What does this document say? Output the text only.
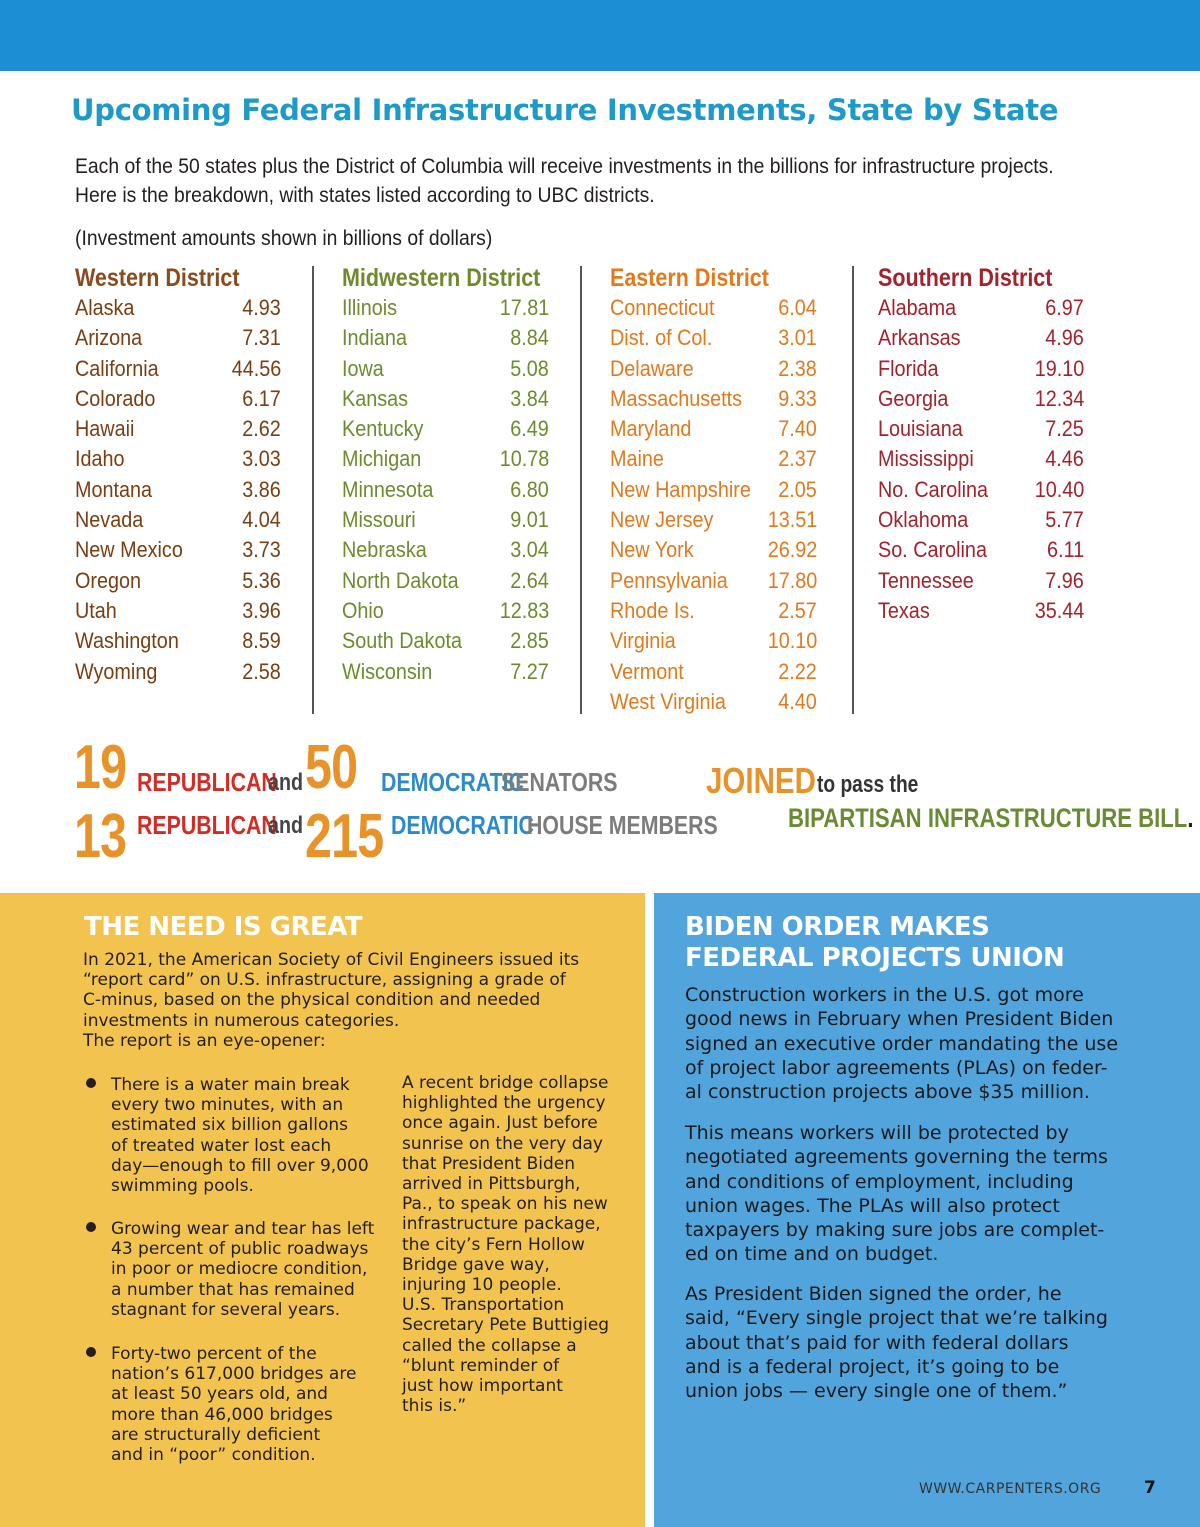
Upcoming Federal Infrastructure Investments, State by State
Each of the 50 states plus the District of Columbia will receive investments in the billions for infrastructure projects.
Here is the breakdown, with states listed according to UBC districts.
(Investment amounts shown in billions of dollars)
Western District
Alaska	4.93
Arizona	7.31
California	44.56
Colorado	6.17
Hawaii	2.62
Idaho	3.03
Montana	3.86
Nevada	4.04
New Mexico	3.73
Oregon	5.36
Utah	3.96
Washington	8.59
Wyoming	2.58
Midwestern District
Illinois	17.81
Indiana	8.84
Iowa	5.08
Kansas	3.84
Kentucky	6.49
Michigan	10.78
Minnesota	6.80
Missouri	9.01
Nebraska	3.04
North Dakota 2.64
Ohio	12.83
South Dakota 2.85
Wisconsin	7.27
Eastern District
Connecticut	6.04
Dist. of Col.	3.01
Delaware	2.38
Massachusetts 9.33
Maryland	7.40
Maine	2.37
New Hampshire 2.05
New Jersey 13.51
New York	26.92
Pennsylvania 17.80
Rhode Is.	2.57
Virginia	10.10
Vermont	2.22
West Virginia 4.40
Southern District
Alabama	6.97
Arkansas	4.96
Florida	19.10
Georgia	12.34
Louisiana	7.25
Mississippi	4.46
No. Carolina 10.40
Oklahoma	5.77
So. Carolina	6.11
Tennessee	7.96
Texas	35.44
19 REPUBLICAN
and 50 DEMOCRATIC
SENATORS
13 REPUBLICAN
and 215 DEMOCRATIC
HOUSE MEMBERS
JOINED to pass the
BIPARTISAN INFRASTRUCTURE BILL.
THE NEED IS GREAT
In 2021, the American Society of Civil Engineers issued its
“report card” on U.S. infrastructure, assigning a grade of
C-minus, based on the physical condition and needed
investments in numerous categories.
The report is an eye-opener:
There is a water main break
every two minutes, with an
estimated six billion gallons
of treated water lost each
day—enough to fill over 9,000
swimming pools.
Growing wear and tear has left
43 percent of public roadways
in poor or mediocre condition,
a number that has remained
stagnant for several years.
Forty-two percent of the
nation’s 617,000 bridges are
at least 50 years old, and
more than 46,000 bridges
are structurally deficient
and in “poor” condition.
A recent bridge collapse
highlighted the urgency
once again. Just before
sunrise on the very day
that President Biden
arrived in Pittsburgh,
Pa., to speak on his new
infrastructure package,
the city’s Fern Hollow
Bridge gave way,
injuring 10 people.
U.S. Transportation
Secretary Pete Buttigieg
called the collapse a
“blunt reminder of
just how important
this is.”
BIDEN ORDER MAKES
FEDERAL PROJECTS UNION
Construction workers in the U.S. got more
good news in February when President Biden
signed an executive order mandating the use
of project labor agreements (PLAs) on feder-
al construction projects above $35 million.
This means workers will be protected by
negotiated agreements governing the terms
and conditions of employment, including
union wages. The PLAs will also protect
taxpayers by making sure jobs are complet-
ed on time and on budget.
As President Biden signed the order, he
said, “Every single project that we’re talking
about that’s paid for with federal dollars
and is a federal project, it’s going to be
union jobs — every single one of them.”
WWW.CARPENTERS.ORG	7
